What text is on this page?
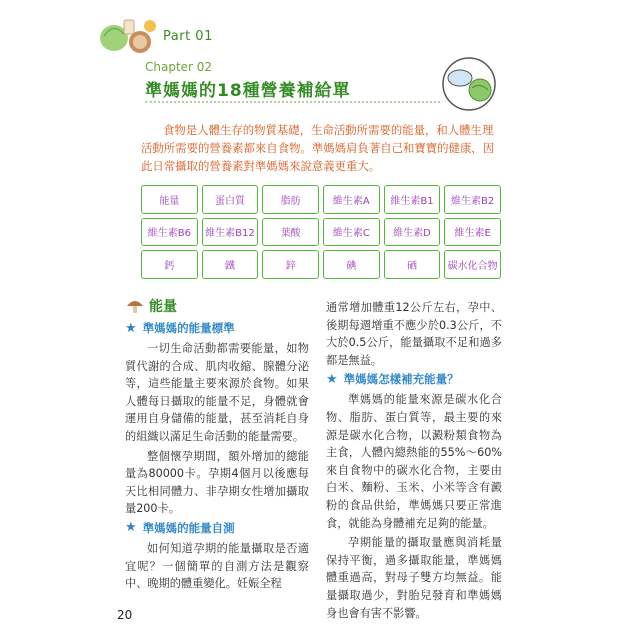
Part 01
Chapter 02
準媽媽的18種營養補給單

食物是人體生存的物質基礎，生命活動所需要的能量，和人體生理活動所需要的營養素都來自食物。準媽媽肩負著自己和寶寶的健康，因此日常攝取的營養素對準媽媽來說意義更重大。

能量	蛋白質	脂肪	維生素A	維生素B1	維生素B2
維生素B6	維生素B12	葉酸	維生素C	維生素D	維生素E
鈣	鐵	鋅	碘	硒	碳水化合物
能量
★ 準媽媽的能量標準

一切生命活動都需要能量，如物質代謝的合成、肌肉收縮、腺體分泌等，這些能量主要來源於食物。如果人體每日攝取的能量不足，身體就會運用自身儲備的能量，甚至消耗自身的組織以滿足生命活動的能量需要。

整個懷孕期間，額外增加的總能量為80000卡。孕期4個月以後應每天比相同體力、非孕期女性增加攝取量200卡。

★ 準媽媽的能量自測

如何知道孕期的能量攝取是否適宜呢？一個簡單的自測方法是觀察中、晚期的體重變化。妊娠全程

通常增加體重12公斤左右，孕中、後期每週增重不應少於0.3公斤，不大於0.5公斤，能量攝取不足和過多都是無益。

★ 準媽媽怎樣補充能量？

準媽媽的能量來源是碳水化合物、脂肪、蛋白質等，最主要的來源是碳水化合物，以澱粉類食物為主食，人體內總熱能的55%～60%來自食物中的碳水化合物，主要由白米、麵粉、玉米、小米等含有澱粉的食品供給，準媽媽只要正常進食，就能為身體補充足夠的能量。

孕期能量的攝取量應與消耗量保持平衡，過多攝取能量，準媽媽體重過高，對母子雙方均無益。能量攝取過少，對胎兒發育和準媽媽身也會有害不影響。

20
